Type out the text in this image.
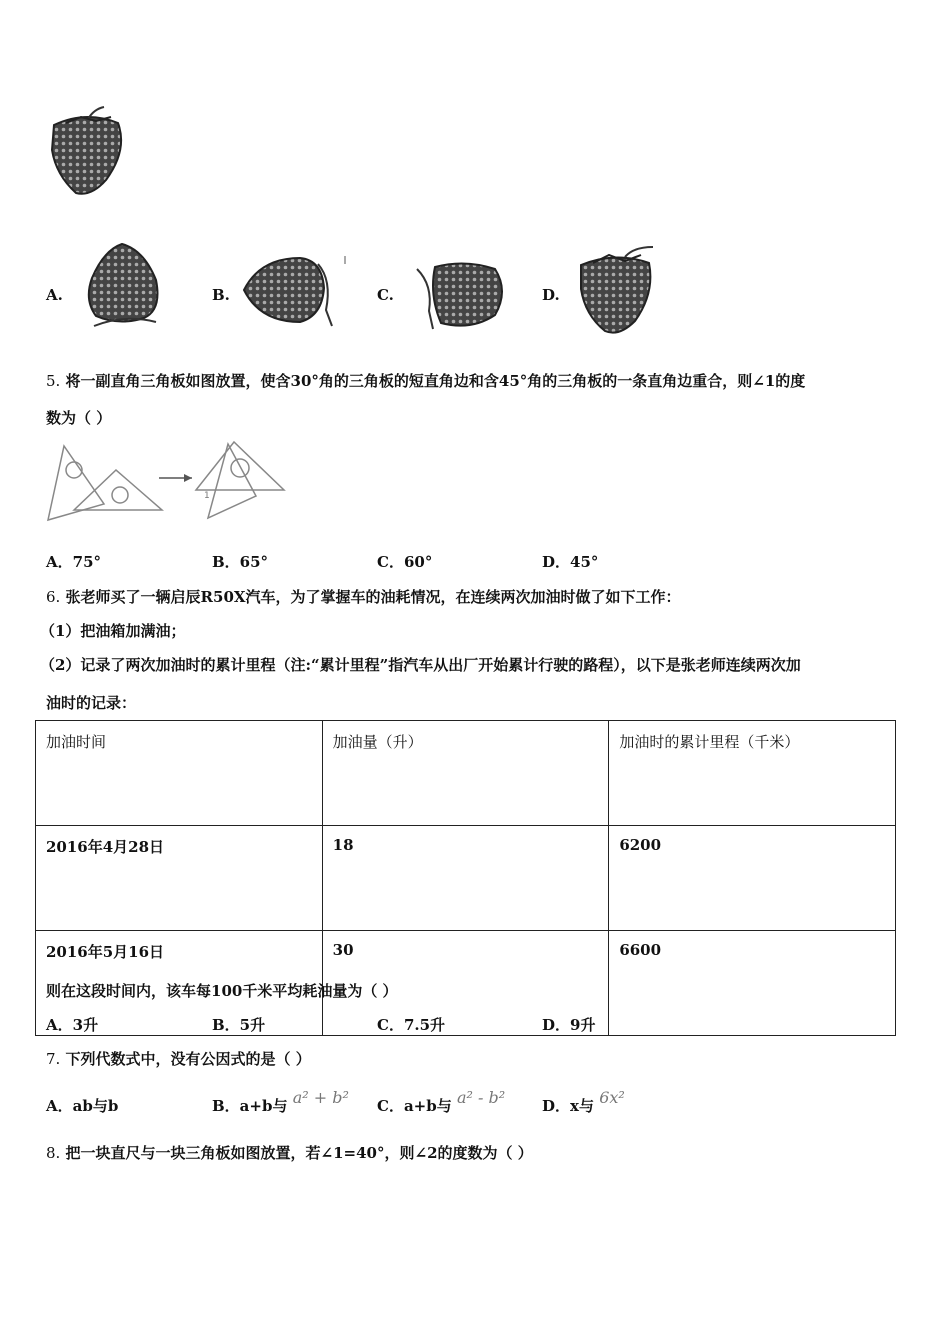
A.	B.	C.	D.
5. 将一副直角三角板如图放置，使含30°角的三角板的短直角边和含45°角的三角板的一条直角边重合，则∠1的度
数为（ ）
1
A．75°	B．65°	C．60°	D．45°
6. 张老师买了一辆启辰R50X汽车，为了掌握车的油耗情况，在连续两次加油时做了如下工作：
（1）把油箱加满油；
（2）记录了两次加油时的累计里程（注:“累计里程”指汽车从出厂开始累计行驶的路程），以下是张老师连续两次加
油时的记录：
加油时间	加油量（升）	加油时的累计里程（千米）
2016年4月28日	18	6200
2016年5月16日	30	6600
则在这段时间内，该车每100千米平均耗油量为（ ）
A．3升	B．5升	C．7.5升	D．9升
7. 下列代数式中，没有公因式的是（ ）
A．ab与b	B．a+b与 a² + b² C．a+b与 a² - b² D．x与 6x²
8. 把一块直尺与一块三角板如图放置，若∠1=40°，则∠2的度数为（ ）
